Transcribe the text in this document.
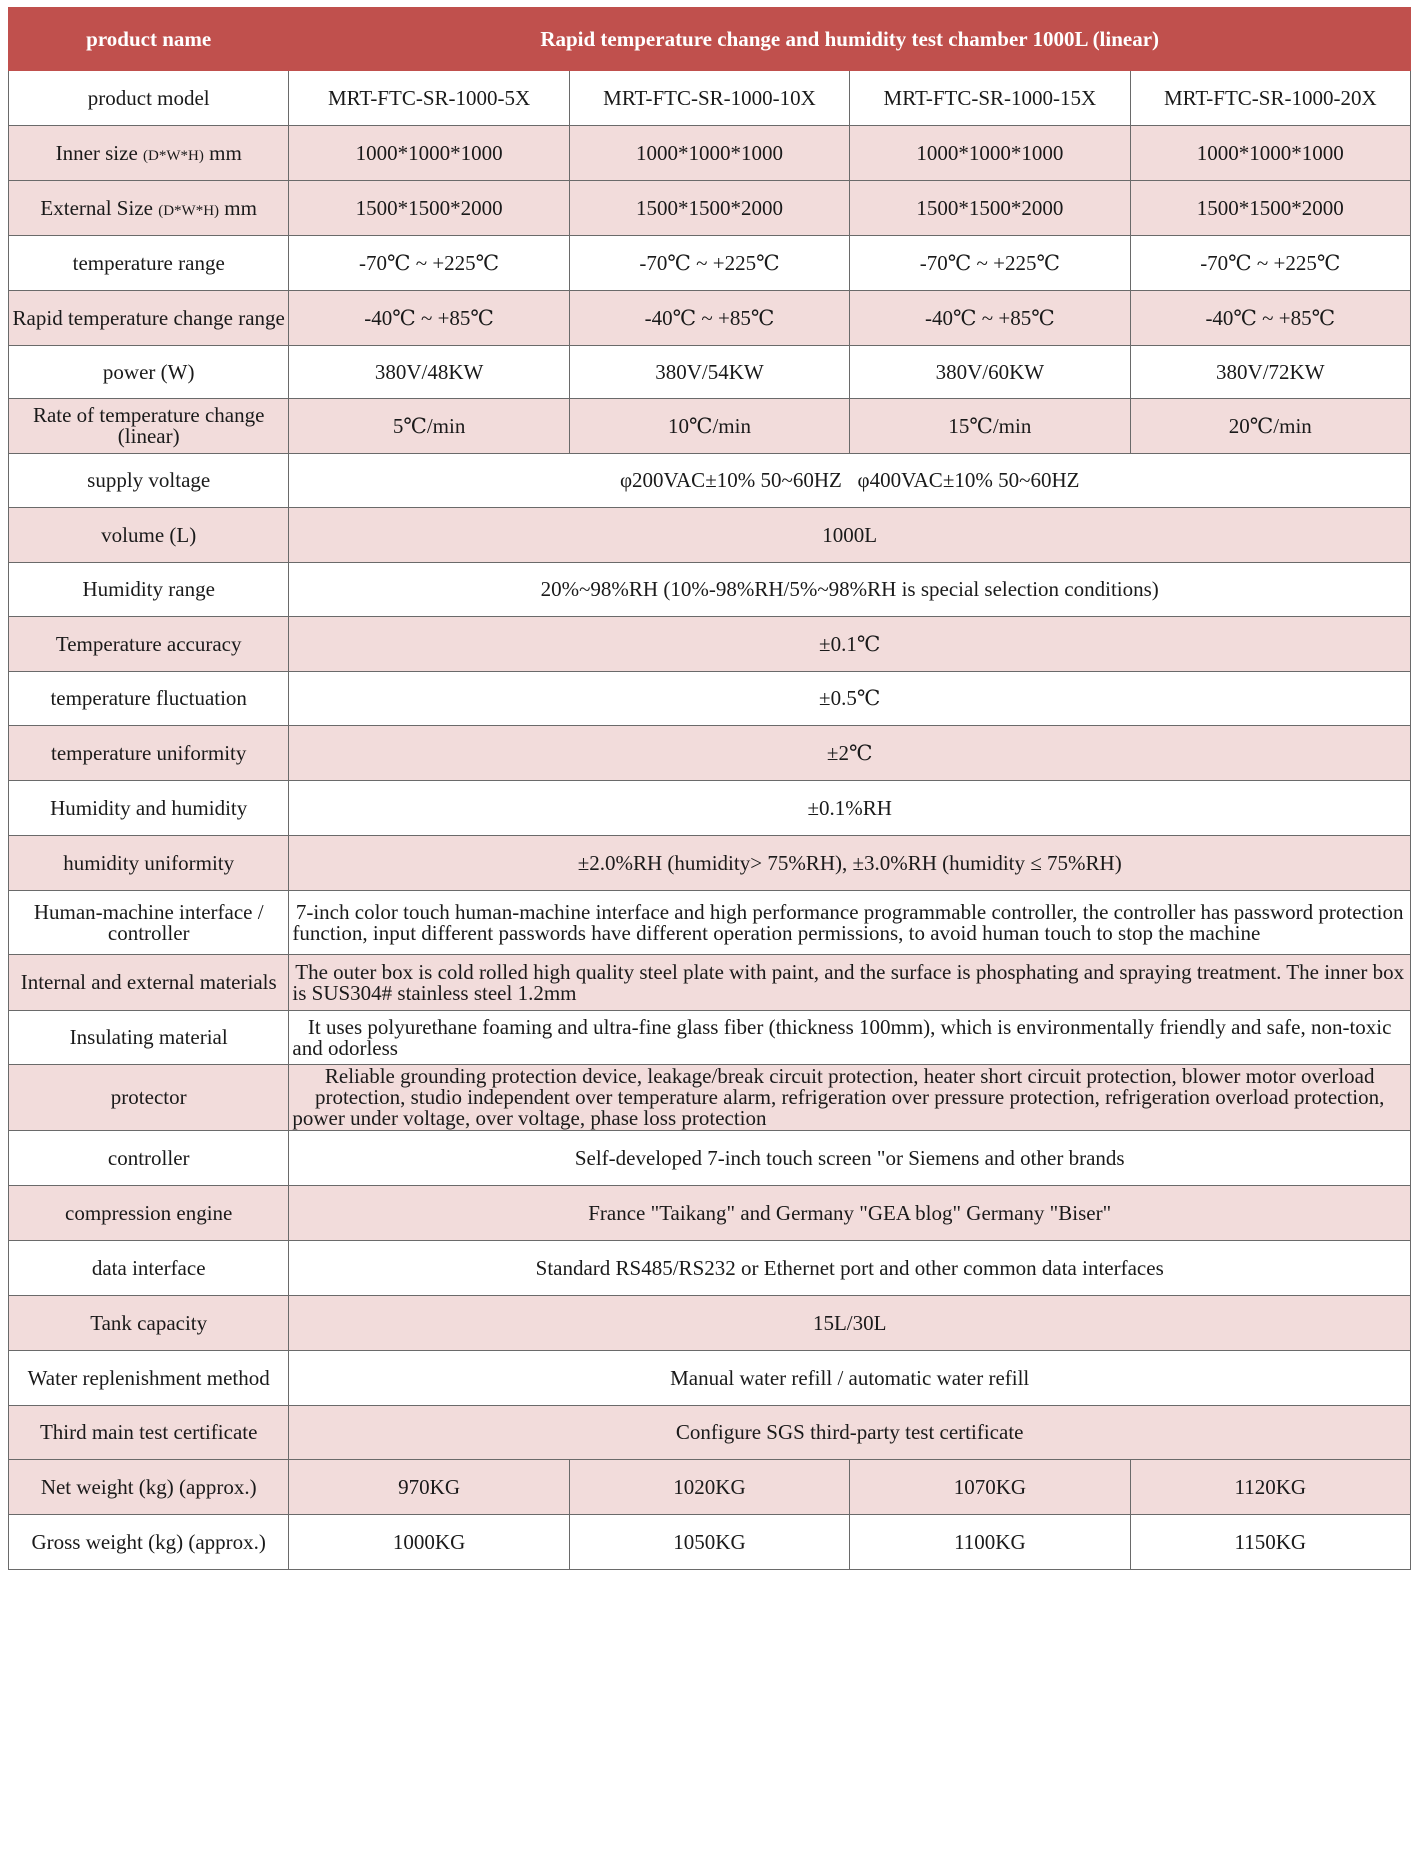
product name	Rapid temperature change and humidity test chamber 1000L (linear)			
product model	MRT-FTC-SR-1000-5X	MRT-FTC-SR-1000-10X	MRT-FTC-SR-1000-15X	MRT-FTC-SR-1000-20X
Inner size (D*W*H) mm	1000*1000*1000	1000*1000*1000	1000*1000*1000	1000*1000*1000
External Size (D*W*H) mm	1500*1500*2000	1500*1500*2000	1500*1500*2000	1500*1500*2000
temperature range	-70℃ ~ +225℃	-70℃ ~ +225℃	-70℃ ~ +225℃	-70℃ ~ +225℃
Rapid temperature change range	-40℃ ~ +85℃	-40℃ ~ +85℃	-40℃ ~ +85℃	-40℃ ~ +85℃
power (W)	380V/48KW	380V/54KW	380V/60KW	380V/72KW
Rate of temperature change (linear)	5℃/min	10℃/min	15℃/min	20℃/min
supply voltage	φ200VAC±10% 50~60HZ   φ400VAC±10% 50~60HZ			
volume (L)	1000L			
Humidity range	20%~98%RH (10%-98%RH/5%~98%RH is special selection conditions)			
Temperature accuracy	±0.1℃			
temperature fluctuation	±0.5℃			
temperature uniformity	±2℃			
Humidity and humidity	±0.1%RH			
humidity uniformity	±2.0%RH (humidity> 75%RH), ±3.0%RH (humidity ≤ 75%RH)			
Human-machine interface / controller	7-inch color touch human-machine interface and high performance programmable controller, the controller has password protection function, input different passwords have different operation permissions, to avoid human touch to stop the machine			
Internal and external materials	The outer box is cold rolled high quality steel plate with paint, and the surface is phosphating and spraying treatment. The inner box is SUS304# stainless steel 1.2mm			
Insulating material	It uses polyurethane foaming and ultra-fine glass fiber (thickness 100mm), which is environmentally friendly and safe, non-toxic and odorless			
protector	Reliable grounding protection device, leakage/break circuit protection, heater short circuit protection, blower motor overload protection, studio independent over temperature alarm, refrigeration over pressure protection, refrigeration overload protection, power under voltage, over voltage, phase loss protection			
controller	Self-developed 7-inch touch screen "or Siemens and other brands			
compression engine	France "Taikang" and Germany "GEA blog" Germany "Biser"			
data interface	Standard RS485/RS232 or Ethernet port and other common data interfaces			
Tank capacity	15L/30L			
Water replenishment method	Manual water refill / automatic water refill			
Third main test certificate	Configure SGS third-party test certificate			
Net weight (kg) (approx.)	970KG	1020KG	1070KG	1120KG
Gross weight (kg) (approx.)	1000KG	1050KG	1100KG	1150KG
